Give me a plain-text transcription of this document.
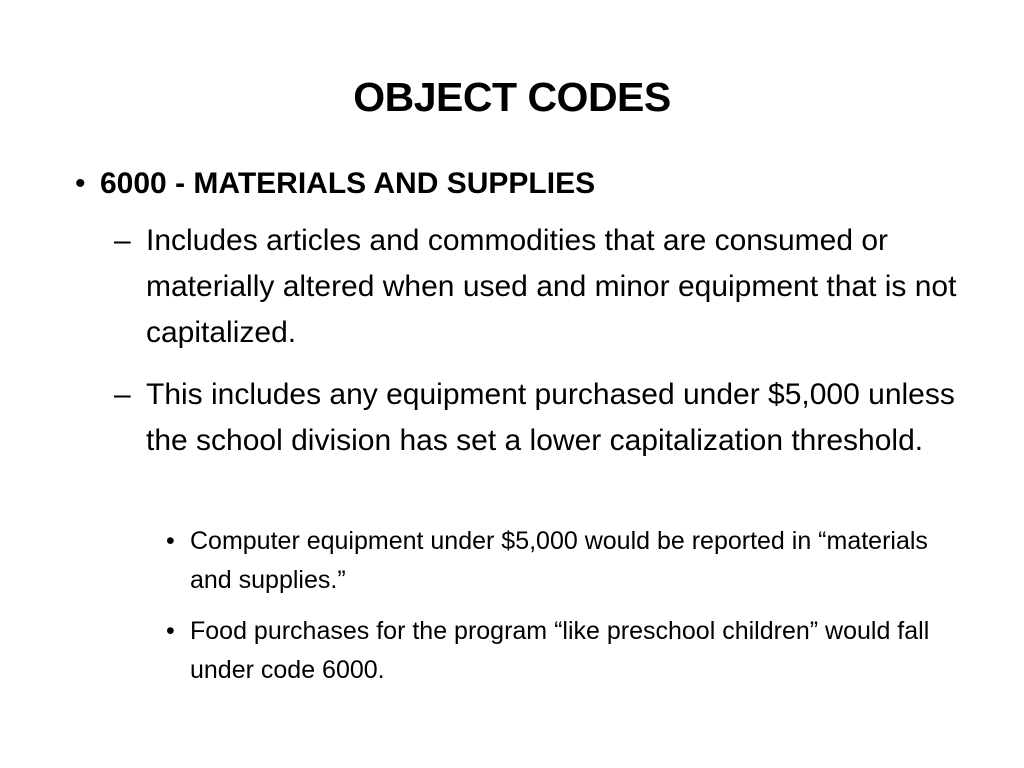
OBJECT CODES
• 6000 - MATERIALS AND SUPPLIES
– Includes articles and commodities that are consumed or materially altered when used and minor equipment that is not capitalized.
– This includes any equipment purchased under $5,000 unless the school division has set a lower capitalization threshold.
• Computer equipment under $5,000 would be reported in “materials and supplies.”
• Food purchases for the program “like preschool children” would fall under code 6000.
